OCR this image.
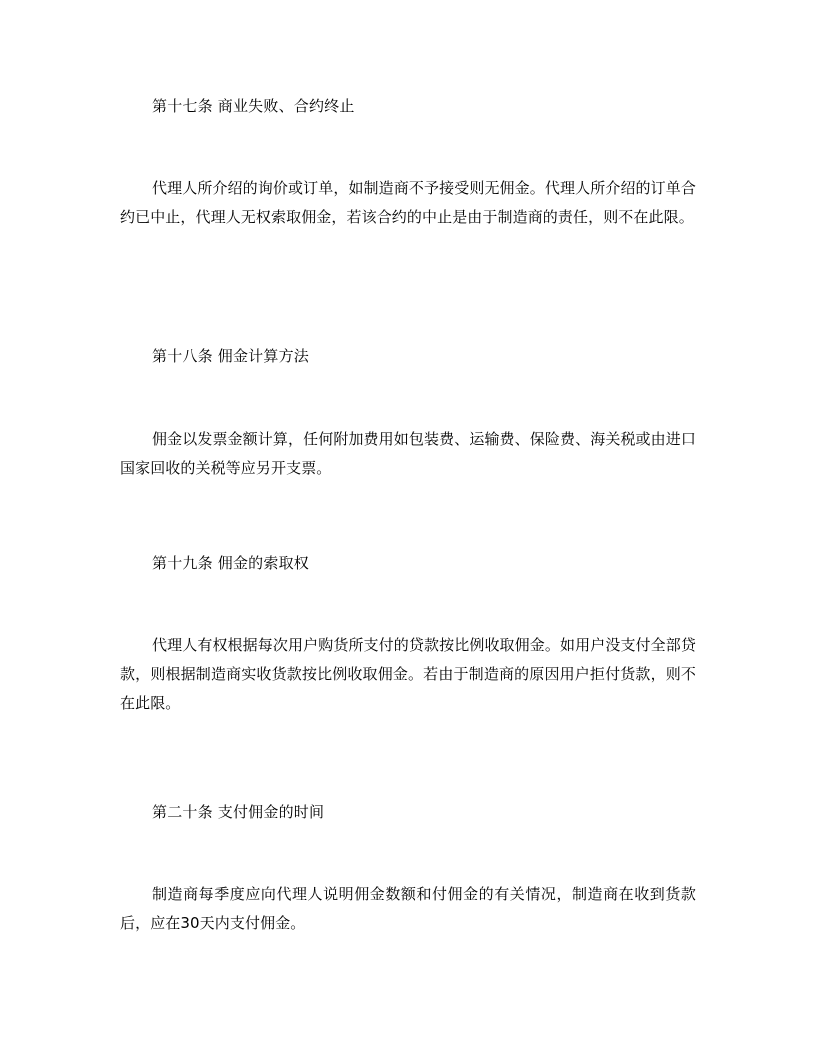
第十七条 商业失败、合约终止
代理人所介绍的询价或订单，如制造商不予接受则无佣金。代理人所介绍的订单合约已中止，代理人无权索取佣金，若该合约的中止是由于制造商的责任，则不在此限。
第十八条 佣金计算方法
佣金以发票金额计算，任何附加费用如包装费、运输费、保险费、海关税或由进口国家回收的关税等应另开支票。
第十九条 佣金的索取权
代理人有权根据每次用户购货所支付的贷款按比例收取佣金。如用户没支付全部贷款，则根据制造商实收货款按比例收取佣金。若由于制造商的原因用户拒付货款，则不在此限。
第二十条 支付佣金的时间
制造商每季度应向代理人说明佣金数额和付佣金的有关情况，制造商在收到货款后，应在30天内支付佣金。
